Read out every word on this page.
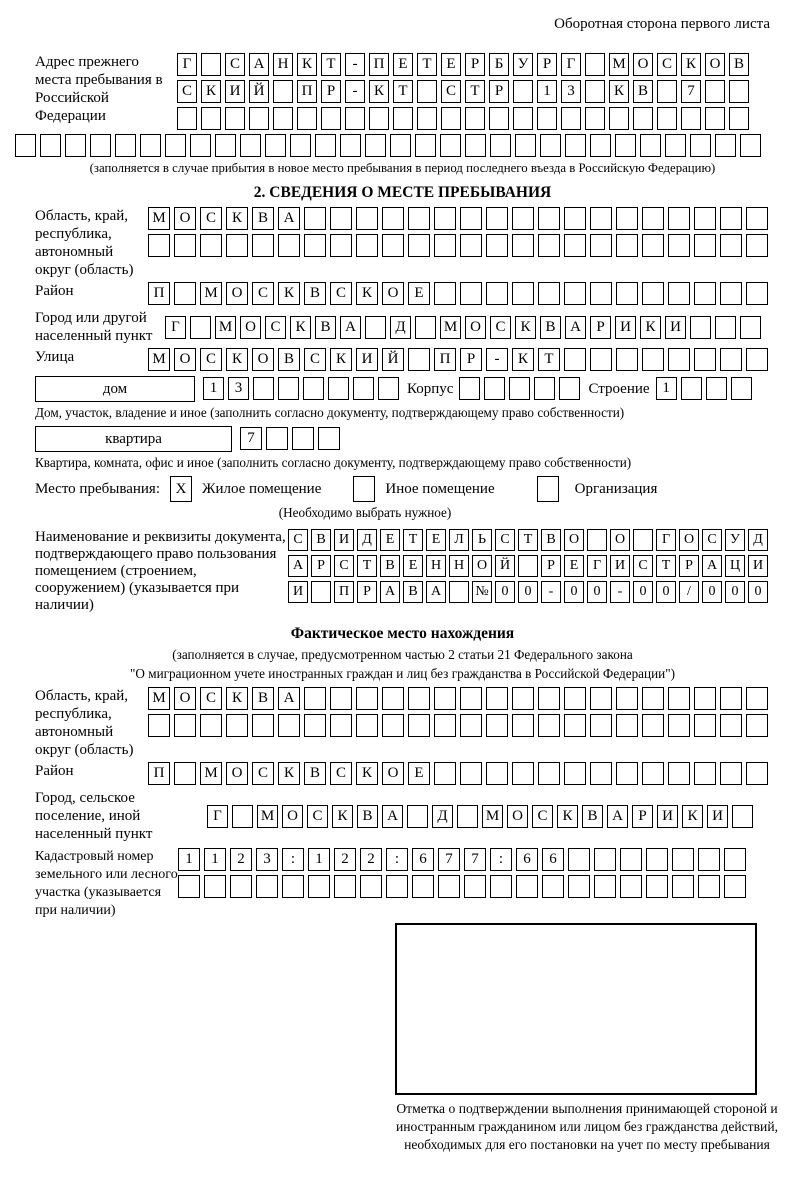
Оборотная сторона первого листа
Адрес прежнего места пребывания в Российской Федерации
Г	С А Н К Т	-	П Е Т Е	Р	Б У Р	Г	М О С К О В
С К И Й	П Р	-	К Т	С Т	Р	1	3	К В	7
(заполняется в случае прибытия в новое место пребывания в период последнего въезда в Российскую Федерацию)
2. СВЕДЕНИЯ О МЕСТЕ ПРЕБЫВАНИЯ
Область, край, республика, автономный округ (область)
М О	С	К	В	А
Район	П	М О	С	К	В	С	К	О	Е
Город или другой населенный пункт
Г	М О С К В А	Д	М О С К В А	Р	И К И
Улица	М О	С	К	О	В	С	К	И	Й	П	Р	-	К	Т
дом	1	3	Корпус	Строение 1
Дом, участок, владение и иное (заполнить согласно документу, подтверждающему право собственности)
квартира	7
Квартира, комната, офис и иное (заполнить согласно документу, подтверждающему право собственности)
Место пребывания:	X	Жилое помещение	Иное помещение	Организация
(Необходимо выбрать нужное)
Наименование и реквизиты документа, подтверждающего право пользования помещением (строением, сооружением) (указывается при наличии)
С В И Д Е	Т	Е Л	Ь	С	Т	В О	О	Г О С У Д
А	Р	С	Т	В	Е Н Н О Й	Р	Е	Г И С	Т	Р	А Ц И
И	П	Р	А В А	№ 0	0	-	0	0	-	0	0	/	0	0	0
Фактическое место нахождения
(заполняется в случае, предусмотренном частью 2 статьи 21 Федерального закона
"О миграционном учете иностранных граждан и лиц без гражданства в Российской Федерации")
Область, край, республика, автономный округ (область)
М О	С	К	В	А
Район	П	М О	С	К	В	С	К	О	Е
Город, сельское поселение, иной населенный пункт
Г	М О С К В А	Д	М О С К В А	Р	И К И
Кадастровый номер земельного или лесного участка (указывается при наличии)
1	1	2	3	:	1	2	2	:	6	7	7	:	6	6
Отметка о подтверждении выполнения принимающей стороной и иностранным гражданином или лицом без гражданства действий, необходимых для его постановки на учет по месту пребывания
